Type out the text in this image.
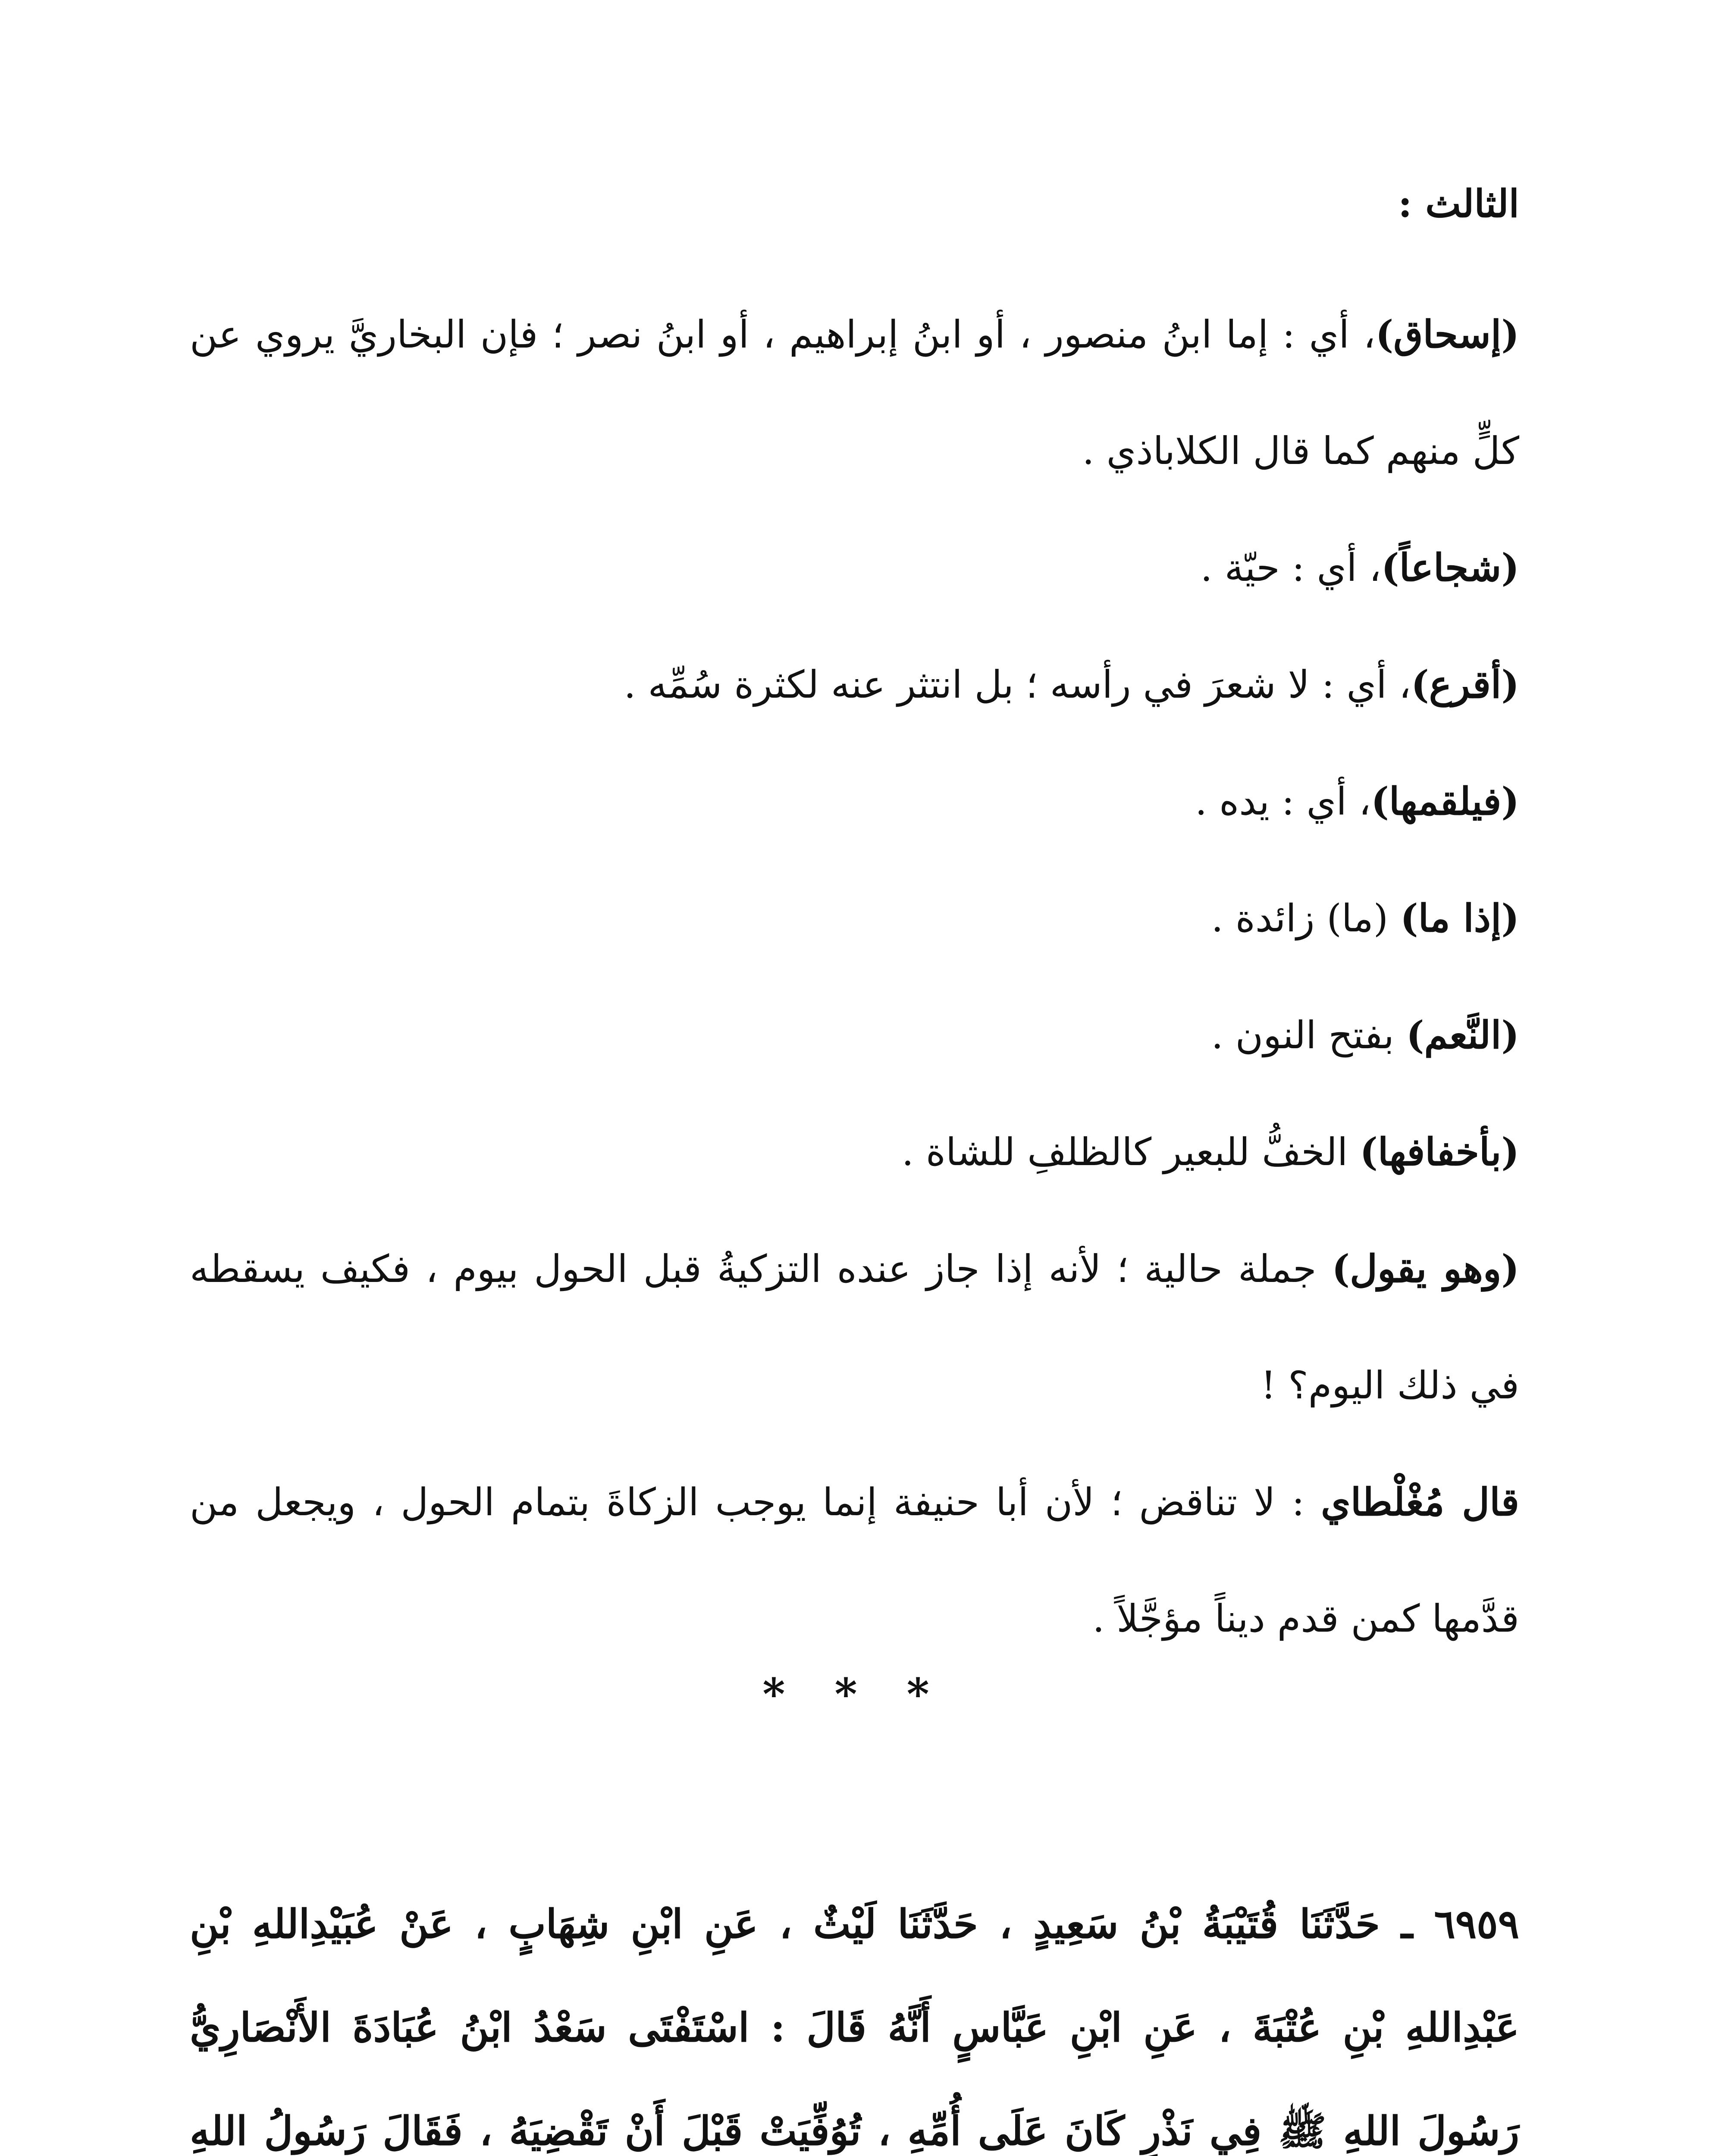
الثالث :

(إسحاق)، أي : إما ابنُ منصور ، أو ابنُ إبراهيم ، أو ابنُ نصر ؛ فإن البخاريَّ يروي عن كلٍّ منهم كما قال الكلاباذي .

(شجاعاً)، أي : حيّة .

(أقرع)، أي : لا شعرَ في رأسه ؛ بل انتثر عنه لكثرة سُمِّه .

(فيلقمها)، أي : يده .

(إذا ما) (ما) زائدة .

(النَّعم) بفتح النون .

(بأخفافها) الخفُّ للبعير كالظلفِ للشاة .

(وهو يقول) جملة حالية ؛ لأنه إذا جاز عنده التزكيةُ قبل الحول بيوم ، فكيف يسقطه في ذلك اليوم؟ !

قال مُغْلْطاي : لا تناقض ؛ لأن أبا حنيفة إنما يوجب الزكاةَ بتمام الحول ، ويجعل من قدَّمها كمن قدم ديناً مؤجَّلاً .

* * *

٦٩٥٩ ـ حَدَّثَنَا قُتَيْبَةُ بْنُ سَعِيدٍ ، حَدَّثَنَا لَيْثٌ ، عَنِ ابْنِ شِهَابٍ ، عَنْ عُبَيْدِاللهِ بْنِ عَبْدِاللهِ بْنِ عُتْبَةَ ، عَنِ ابْنِ عَبَّاسٍ أَنَّهُ قَالَ : اسْتَفْتَى سَعْدُ ابْنُ عُبَادَةَ الأَنْصَارِيُّ رَسُولَ اللهِ ﷺ فِي نَذْرٍ كَانَ عَلَى أُمِّهِ ، تُوُفِّيَتْ قَبْلَ أَنْ تَقْضِيَهُ ، فَقَالَ رَسُولُ اللهِ
